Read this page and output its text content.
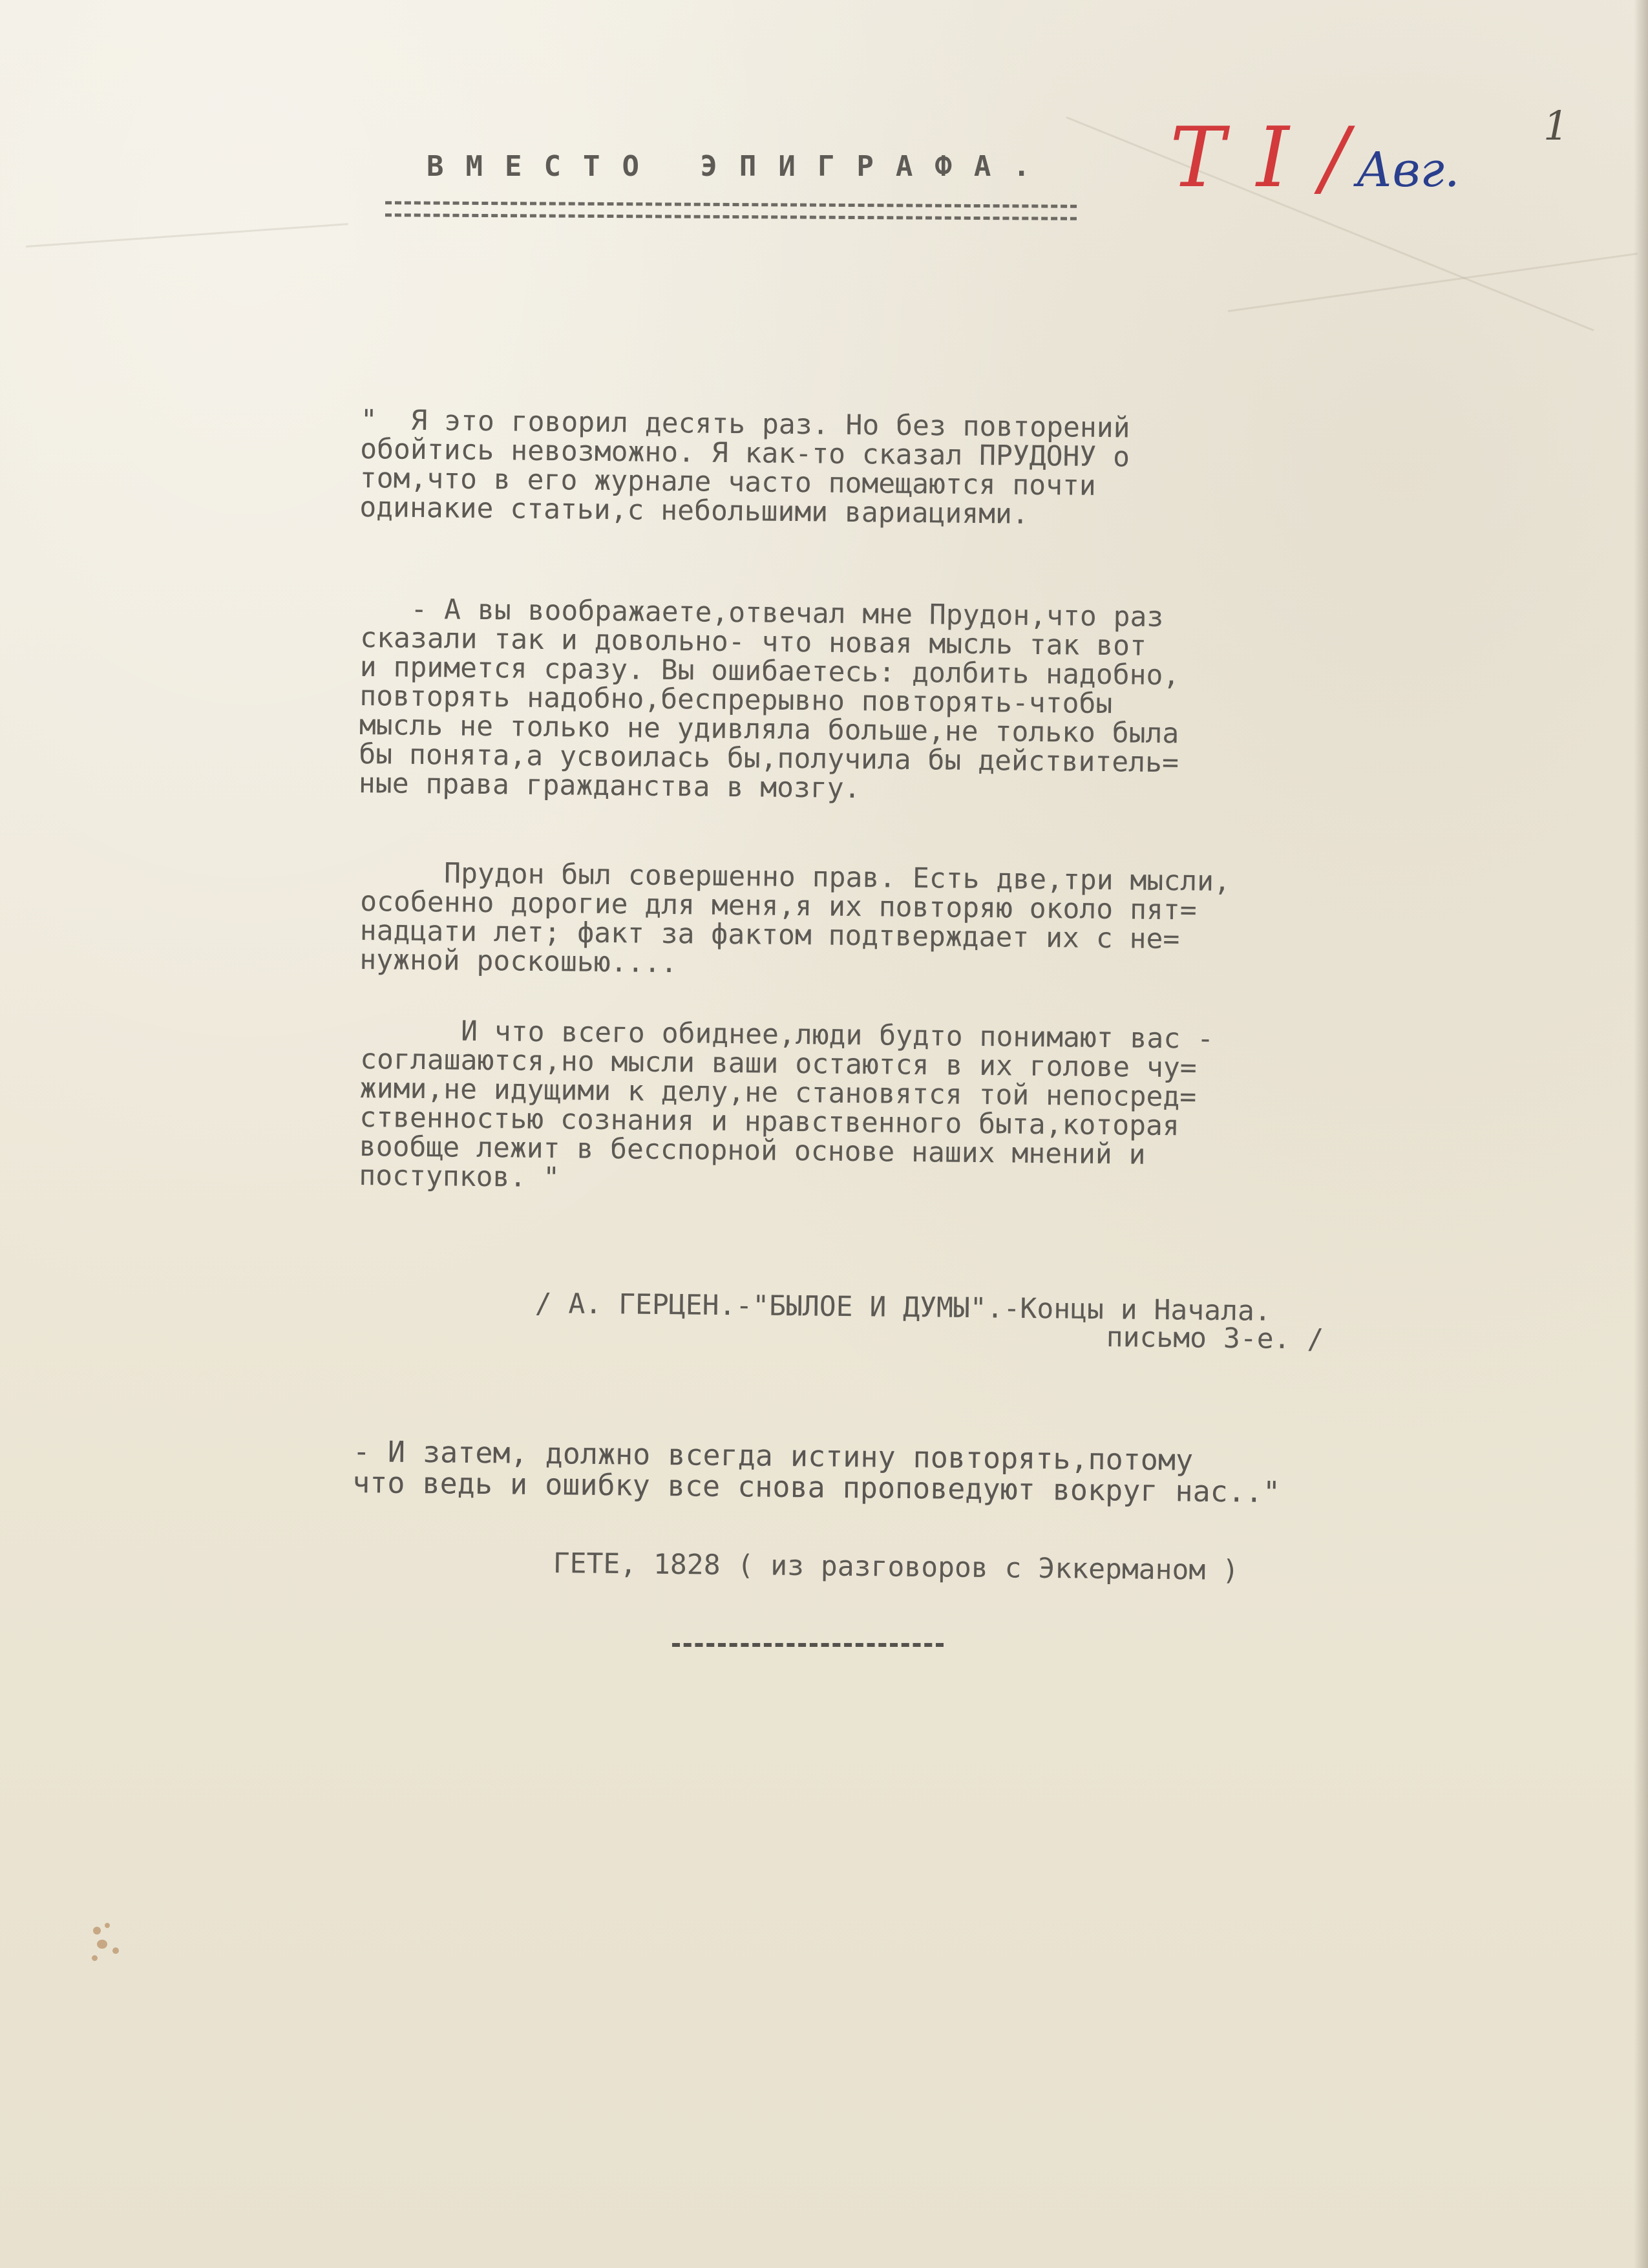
1
T I / Авг.
ВМЕСТО ЭПИГРАФА.
"  Я это говорил десять раз. Но без повторений
обойтись невозможно. Я как-то сказал ПРУДОНУ о
том,что в его журнале часто помещаются почти
одинакие статьи,с небольшими вариациями.
- А вы воображаете,отвечал мне Прудон,что раз
сказали так и довольно- что новая мысль так вот
и примется сразу. Вы ошибаетесь: долбить надобно,
повторять надобно,беспрерывно повторять-чтобы
мысль не только не удивляла больше,не только была
бы понята,а усвоилась бы,получила бы действитель=
ные права гражданства в мозгу.
Прудон был совершенно прав. Есть две,три мысли,
особенно дорогие для меня,я их повторяю около пят=
надцати лет; факт за фактом подтверждает их с не=
нужной роскошью....
И что всего обиднее,люди будто понимают вас -
соглашаются,но мысли ваши остаются в их голове чу=
жими,не идущими к делу,не становятся той непосред=
ственностью сознания и нравственного быта,которая
вообще лежит в бесспорной основе наших мнений и
поступков. "
/ А. ГЕРЦЕН.-"БЫЛОЕ И ДУМЫ".-Концы и Начала.
письмо 3-е. /
- И затем, должно всегда истину повторять,потому
что ведь и ошибку все снова проповедуют вокруг нас.."
ГЕТЕ, 1828 ( из разговоров с Эккерманом )
